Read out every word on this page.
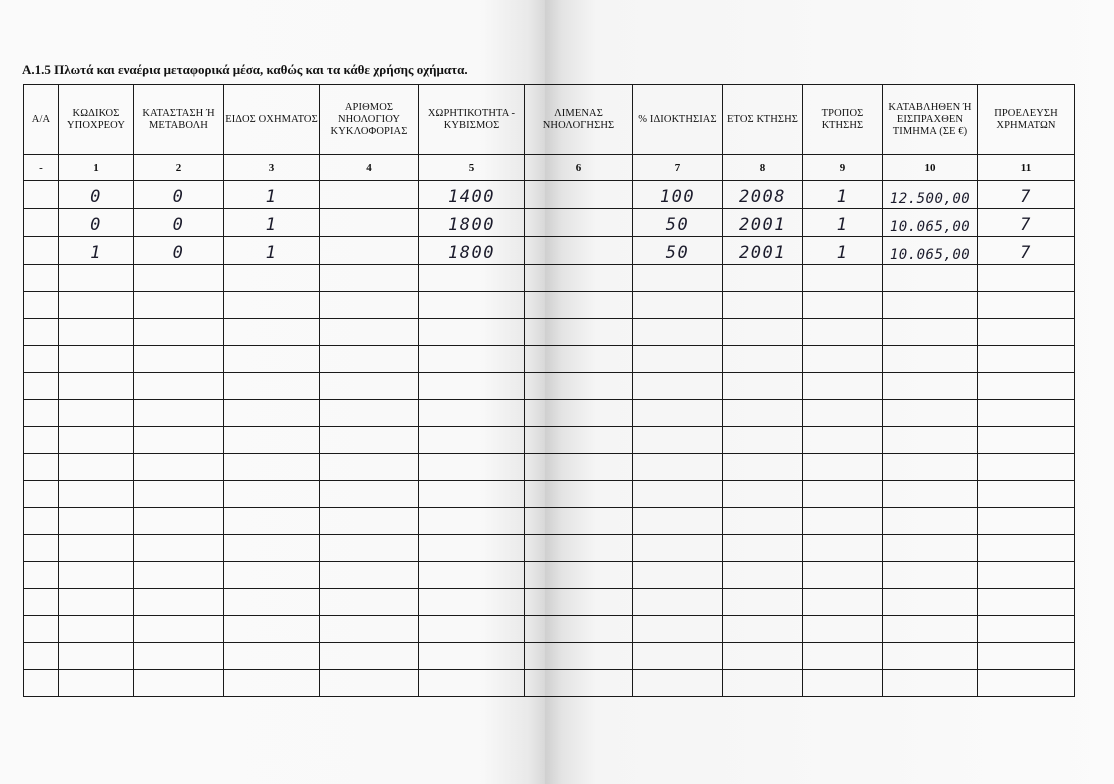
Α.1.5 Πλωτά και εναέρια μεταφορικά μέσα, καθώς και τα κάθε χρήσης οχήματα.
Α/Α	ΚΩΔΙΚΟΣ ΥΠΟΧΡΕΟΥ	ΚΑΤΑΣΤΑΣΗ Ή ΜΕΤΑΒΟΛΗ	ΕΙΔΟΣ ΟΧΗΜΑΤΟΣ	ΑΡΙΘΜΟΣ ΝΗΟΛΟΓΙΟΥ ΚΥΚΛΟΦΟΡΙΑΣ	ΧΩΡΗΤΙΚΟΤΗΤΑ - ΚΥΒΙΣΜΟΣ	ΛΙΜΕΝΑΣ ΝΗΟΛΟΓΗΣΗΣ	% ΙΔΙΟΚΤΗΣΙΑΣ	ΕΤΟΣ ΚΤΗΣΗΣ	ΤΡΟΠΟΣ ΚΤΗΣΗΣ	ΚΑΤΑΒΛΗΘΕΝ Ή ΕΙΣΠΡΑΧΘΕΝ ΤΙΜΗΜΑ (ΣΕ €)	ΠΡΟΕΛΕΥΣΗ ΧΡΗΜΑΤΩΝ
-	1	2	3	4	5	6	7	8	9	10	11
	0	0	1		1400		100	2008	1	12.500,00	7
	0	0	1		1800		50	2001	1	10.065,00	7
	1	0	1		1800		50	2001	1	10.065,00	7
